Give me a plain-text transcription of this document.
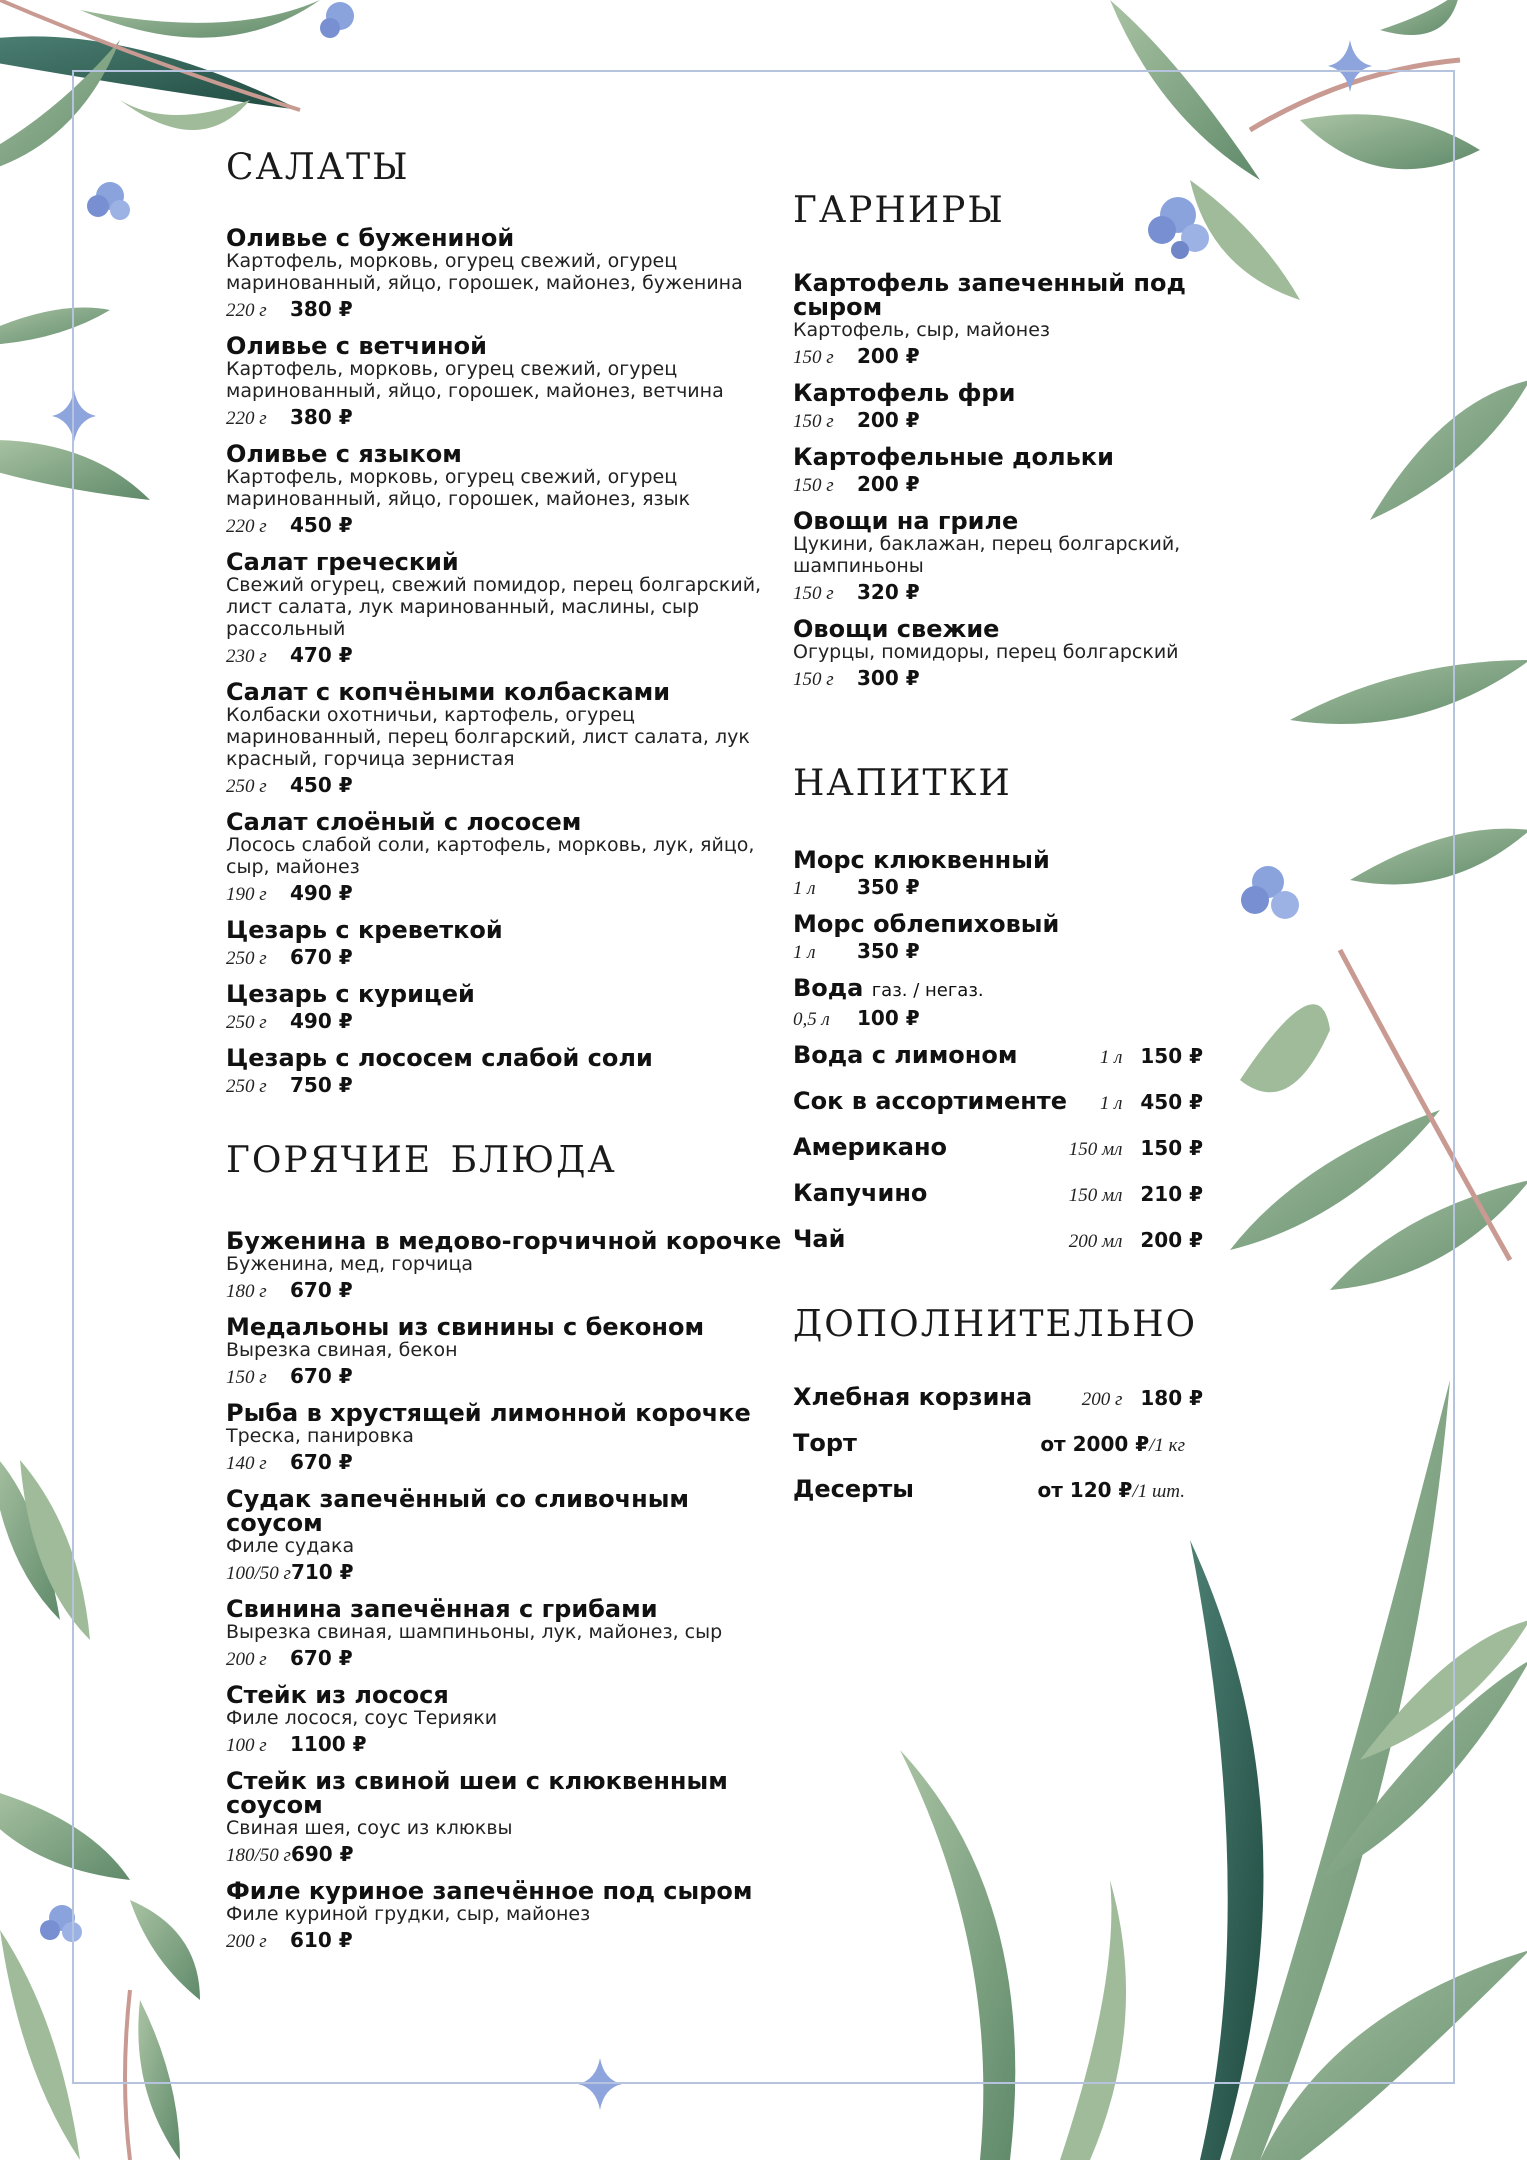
салаты
Оливье с бужениной
Картофель, морковь, огурец свежий, огурец маринованный, яйцо, горошек, майонез, буженина
220 г 380 ₽
Оливье с ветчиной
Картофель, морковь, огурец свежий, огурец маринованный, яйцо, горошек, майонез, ветчина
220 г 380 ₽
Оливье с языком
Картофель, морковь, огурец свежий, огурец маринованный, яйцо, горошек, майонез, язык
220 г 450 ₽
Салат греческий
Свежий огурец, свежий помидор, перец болгарский, лист салата, лук маринованный, маслины, сыр рассольный
230 г 470 ₽
Салат с копчёными колбасками
Колбаски охотничьи, картофель, огурец маринованный, перец болгарский, лист салата, лук красный, горчица зернистая
250 г 450 ₽
Салат слоёный с лососем
Лосось слабой соли, картофель, морковь, лук, яйцо, сыр, майонез
190 г 490 ₽
Цезарь с креветкой
250 г 670 ₽
Цезарь с курицей
250 г 490 ₽
Цезарь с лососем слабой соли
250 г 750 ₽
горячие блюда
Буженина в медово-горчичной корочке
Буженина, мед, горчица
180 г 670 ₽
Медальоны из свинины с беконом
Вырезка свиная, бекон
150 г 670 ₽
Рыба в хрустящей лимонной корочке
Треска, панировка
140 г 670 ₽
Судак запечённый со сливочным соусом
Филе судака
100/50 г710 ₽
Свинина запечённая с грибами
Вырезка свиная, шампиньоны, лук, майонез, сыр
200 г 670 ₽
Стейк из лосося
Филе лосося, соус Терияки
100 г 1100 ₽
Стейк из свиной шеи с клюквенным соусом
Свиная шея, соус из клюквы
180/50 г690 ₽
Филе куриное запечённое под сыром
Филе куриной грудки, сыр, майонез
200 г 610 ₽
гарниры
Картофель запеченный под сыром
Картофель, сыр, майонез
150 г 200 ₽
Картофель фри
150 г 200 ₽
Картофельные дольки
150 г 200 ₽
Овощи на гриле
Цукини, баклажан, перец болгарский, шампиньоны
150 г 320 ₽
Овощи свежие
Огурцы, помидоры, перец болгарский
150 г 300 ₽
напитки
Морс клюквенный
1 л 350 ₽
Морс облепиховый
1 л 350 ₽
Вода газ. / негаз.
0,5 л 100 ₽
Вода с лимоном	1 л 150 ₽
Сок в ассортименте	1 л 450 ₽
Американо	150 мл 150 ₽
Капучино	150 мл 210 ₽
Чай	200 мл 200 ₽
дополнительно
Хлебная корзина	200 г 180 ₽
Торт	от 2000 ₽/1 кг
Десерты	от 120 ₽/1 шт.
